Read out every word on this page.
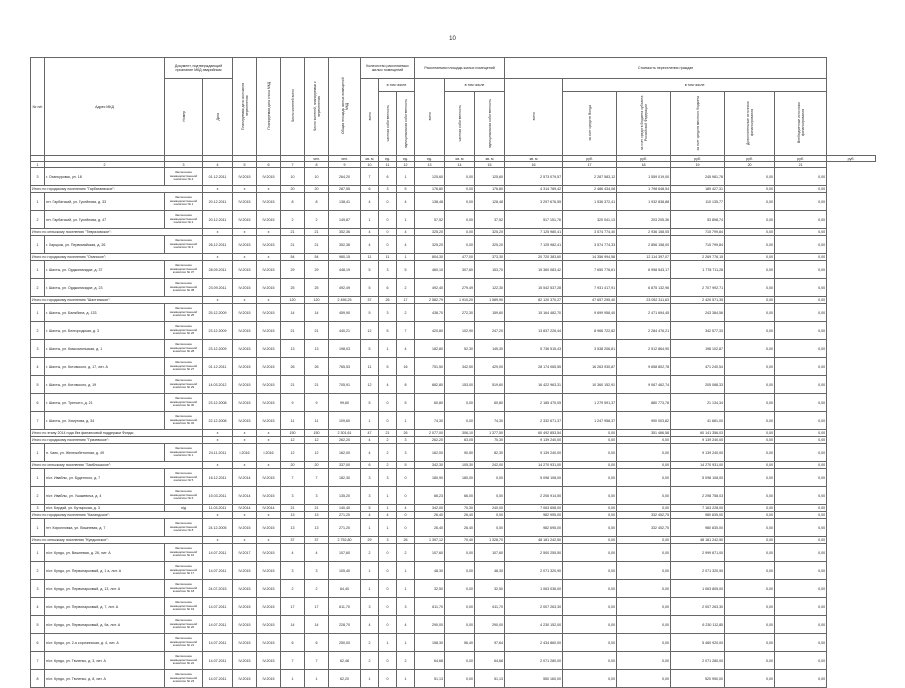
10
№ п/п	Адрес МКД	Документ, подтверждающий признание МКД аварийным		Планируемая дата окончания переселения	Планируемая дата сноса МКД	Число жителей всего	Число жителей, планируемых к переселению	Общая площадь жилых помещений МКД	Количество расселяемых жилых помещений			Расселяемая площадь жилых помещений			Стоимость переселения граждан						
		Номер	Дата						всего	в том числе		всего	в том числе		всего	в том числе					
										частная собственность	муниципальная собственность		частная собственность	муниципальная собственность		за счет средств Фонда	за счет средств бюджета субъекта Российской Федерации	за счет средств местного бюджета	Дополнительные источники финансирования	Внебюджетные источники финансирования	
							чел.	чел.	кв. м	ед.	ед.	ед.	кв. м	кв. м	кв. м	руб.	руб.	руб.	руб.	руб.	руб.
1	2	3	4	5	6	7	8	9	10	11	12	13	14	15	16	17	18	19	20	21	
3	г. Оханкуровск, ул. 18	Заключение межведомственной комиссии № 2	01.12.2011	IV.2015	IV.2015	10	10	264,20	7	6	1	125,60	0,00	125,60	2 573 079,57	2 287 583,12	1 559 019,00	245 981,78	0,00	0,00	
Итого по городскому поселению "Гарбатаевское":			x	x	x	20	20	287,55	6	3	5	176,80	0,00	176,80	4 314 789,42	2 486 434,08	1 798 648,54	189 427,31	0,00	0,00	
1	пгт. Гарбатский, ул. Гусейнова, д. 33	Заключение межведомственной комиссии № 1	20.12.2011	IV.2015	IV.2015	8	8	138,41	4	0	4	138,48	0,00	128,48	3 297 676,55	1 536 372,41	1 932 838,88	110 135,77	0,00	0,00	
2	пгт. Гарбатский, ул. Гусейнова, д. 47	Заключение межведомственной комиссии № 2	20.12.2011	IV.2015	IV.2015	2	2	149,87	1	0	1	57,52	0,00	37,52	517 151,76	320 041,13	203 205,36	53 898,74	0,00	0,00	
Итого по сельскому поселению "Тевризовское":			x	x	x	21	21	352,36	4	0	4	325,20	0,00	325,20	7 125 980,41	3 574 774,40	2 936 158,05	715 799,84	0,00	0,00	
1	г. Харцызк, ул. Первомайская, д. 26	Заключение межведомственной комиссии № 3	26.12.2011	IV.2015	IV.2015	21	21	352,36	4	0	4	325,20	0,00	325,20	7 125 982,41	3 574 774,33	2 856 158,00	715 799,84	0,00	0,00	
Итого по городскому поселению "Оханское":			x	x	x	54	54	980,15	11	11	1	804,30	477,00	373,30	20 720 383,60	14 356 994,58	12 114 397,07	2 269 776,15	0,00	0,00	
1	г. Шахты, ул. Орджоникидзе, д. 37	Заключение межведомственной комиссии № 37	28.09.2011	IV.2015	IV.2015	29	29	448,19	5	3	5	460,10	307,60	153,70	15 360 083,42	7 650 776,61	6 998 543,17	1 778 711,28	0,00	0,00	
2	г. Шахты, ул. Орджоникидзе, д. 23	Заключение межведомственной комиссии № 38	23.09.2011	IV.2015	IV.2015	25	25	492,49	5	6	2	492,40	279,49	122,30	15 542 537,28	7 931 417,91	6 875 132,96	2 707 992,71	0,00	0,00	
Итого по городскому поселению "Шахтинское":			x	x	x	120	120	2 455,25	37	26	17	2 582,79	1 910,20	1 589,90	82 120 370,27	47 657 295,40	23 052 311,63	2 420 571,35	0,00	0,00	
1	г. Шахты, ул. Балябина, д. 133	Заключение межведомственной комиссии № 25	25.12.2009	IV.2015	IV.2015	14	14	459,90	5	3	2	438,70	272,30	159,60	15 164 482,70	9 699 956,40	2 471 694,45	243 384,56	0,00	0,00	
2	г. Шахты, ул. Белгородская, д. 3	Заключение межведомственной комиссии № 26	23.12.2009	IV.2015	IV.2015	21	21	440,21	12	5	7	420,80	102,90	247,20	13 837 226,44	8 966 722,82	2 284 476,21	342 577,33	0,00	0,00	
3	г. Шахты, ул. Комсомольская, д. 1	Заключение межведомственной комиссии № 28	23.12.2009	IV.2015	IV.2015	13	13	198,03	5	1	4	182,80	52,30	145,30	5 736 515,43	3 538 206,81	2 512 864,90	198 102,87	0,00	0,00	
4	г. Шахты, ул. Котовского, д. 17, лит. А	Заключение межведомственной комиссии № 27	01.12.2011	IV.2015	IV.2015	26	26	765,53	11	5	16	751,50	342,50	429,00	28 174 065,55	16 263 930,87	9 658 802,78	471 240,54	0,00	0,00	
5	г. Шахты, ул. Котовского, д. 19	Заключение межведомственной комиссии № 29	14.03.2012	IV.2015	IV.2015	21	21	705,91	12	4	8	682,80	153,00	519,60	16 422 963,31	10 360 152,91	9 067 462,74	205 088,33	0,00	0,00	
6	г. Шахты, ул. Третьего, д. 21	Заключение межведомственной комиссии № 30	23.12.2008	IV.2015	IV.2015	9	9	99,60	5	0	5	60,80	0,00	60,80	2 185 470,05	1 279 591,37	880 773,78	21 134,34	0,00	0,00	
7	г. Шахты, ул. Хомутова, д. 34	Заключение межведомственной комиссии № 32	22.12.2008	IV.2015	IV.2015	11	11	109,60	1	0	1	74,30	0,00	74,30	2 332 671,37	1 247 958,37	990 003,82	41 681,00	0,00	0,00	
Итого по этапу 2014 года без финансовой поддержки Фонда:			x	x	x	150	150	2 301,61	47	21	26	2 077,00	306,10	1 377,50	60 492 853,54	0,00	351 466,58	60 141 356,03	0,00	0,00	
Итого по городскому поселению "Грачевское":			x	x	x	12	12	262,20	4	2	3	262,20	63,05	70,30	9 139 240,00	0,00	0,00	9 139 240,00	0,00	0,00	
1	п. Чаек, ул. Железобетонная, д. 49	Заключение межведомственной комиссии № 1	24.11.2011	I.2016	I.2016	12	12	162,00	4	2	3	162,00	90,50	82,30	9 139 240,00	0,00	0,00	9 139 240,00	0,00	0,00	
Итого по сельскому поселению "Заиблошское":			x	x	x	20	20	337,00	6	2	5	342,30	105,30	242,00	14 270 931,00	0,00	0,00	14 270 931,00	0,00	0,00	
1	п/ст. Иваблы, ул. Буденного, д. 7	Заключение межведомственной комиссии № 5	16.12.2011	IV.2014	IV.2015	7	7	182,30	3	3	0	180,90	180,00	0,00	5 098 108,00	0,00	0,00	5 098 108,00	0,00	0,00	
2	п/ст. Иваблы, ул. Ушакевича, д. 4	Заключение межведомственной комиссии № 6	15.03.2011	IV.2014	IV.2015	3	3	135,20	3	1	0	66,23	66,00	0,00	2 206 914,50	0,00	0,00	2 298 758,03	0,00	0,00	
3	п/ст. Бердяй, ул. Бутырская, д. 3	н/д	11.03.2011	IV.2014	IV.2014	21	21	140,40	5	1	4	342,00	70,30	240,00	7 063 658,00	0,00	0,00	7 163 228,00	0,00	0,00	
Итого по городскому поселению "Каландское":			x	x	x	13	13	271,20	4	4	0	26,40	26,40	0,00	982 995,00	0,00	332 452,75	980 835,00	0,00	0,00	
1	пгт. Кирилловка, ул. Вишневая, д. 7	Заключение межведомственной комиссии № 8	24.12.2005	IV.2015	IV.2015	13	13	271,20	1	1	0	26,40	26,40	0,00	982 695,00	0,00	332 452,75	980 835,00	0,00	0,00	
Итого по сельскому поселению "Кундынское":			x	x	x	37	37	2 752,80	29	3	26	1 397,12	70,40	1 328,70	48 181 242,50	0,00	0,00	48 181 242,50	0,00	0,00	
1	п/ст. Кундо, ул. Вишневая, д. 26, лит. А	Заключение межведомственной комиссии № 16	14.07.2011	IV.2017	IV.2015	4	4	107,60	2	0	2	107,60	0,00	107,60	2 500 255,50	0,00	0,00	2 999 871,00	0,00	0,00	
2	п/ст. Кундо, ул. Первопарковый, д. 1 а, лит. А	Заключение межведомственной комиссии № 17	14.07.2011	IV.2015	IV.2015	3	3	105,40	1	0	1	48,30	0,00	48,30	2 071 320,90	0,00	0,00	2 071 320,90	0,00	0,00	
3	п/ст. Кундо, ул. Первопарковый, д. 13, лит. А	Заключение межведомственной комиссии № 18	24.07.2015	IV.2015	IV.2015	2	2	64,40	1	0	1	32,50	0,00	32,50	1 063 036,00	0,00	0,00	1 063 805,00	0,00	0,00	
4	п/ст. Кундо, ул. Первопарковый, д. 7, лит. А	Заключение межведомственной комиссии № 19	14.07.2011	IV.2015	IV.2015	17	17	611,70	3	0	3	611,70	0,00	611,70	2 007 263,30	0,00	0,00	2 007 263,30	0,00	0,00	
5	п/ст. Кундо, ул. Первопарковый, д. 9а, лит. А	Заключение межведомственной комиссии № 20	14.07.2011	IV.2015	IV.2015	14	14	228,70	4	0	4	290,00	0,00	290,00	4 230 152,00	0,00	0,00	6 230 112,85	0,00	0,00	
6	п/ст. Кундо, ул. 2-я сорочинская, д. 4, лит. А	Заключение межведомственной комиссии № 21	14.07.2011	IV.2015	IV.2015	6	6	250,00	2	1	1	158,30	56,40	97,64	2 434 860,00	0,00	0,00	5 460 920,00	0,00	0,00	
7	п/ст. Кундо, ул. Тюленко, д. 3, лит. А	Заключение межведомственной комиссии № 22	14.07.2011	IV.2015	IV.2015	7	7	62,48	2	0	2	64,68	0,00	64,68	2 071 280,00	0,00	0,00	2 071 280,00	0,00	0,00	
8	п/ст. Кундо, ул. Тюленко, д. 8, лит. А	Заключение межведомственной комиссии № 23	14.07.2011	IV.2015	IV.2015	1	1	62,20	1	0	1	51,13	0,00	51,13	550 160,00	0,00	0,00	520 950,00	0,00	0,00	
